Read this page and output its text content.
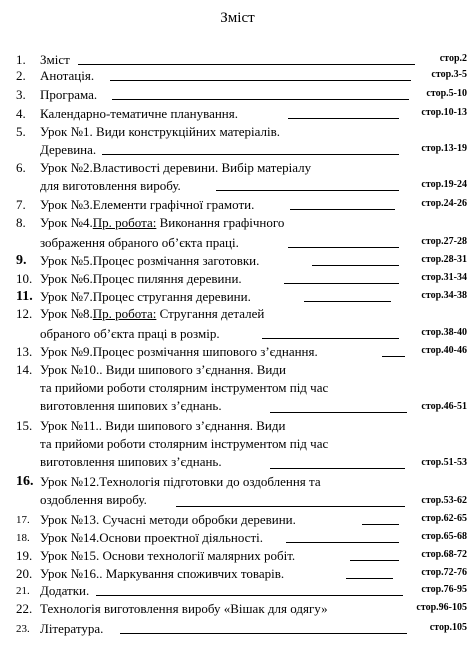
Зміст
1. Зміст	стор.2
2. Анотація.	стор.3-5
3. Програма.	стор.5-10
4. Календарно-тематичне планування.	стор.10-13
5. Урок №1. Види конструкційних матеріалів.
Деревина.	стор.13-19
6. Урок №2.Властивості деревини. Вибір матеріалу
для виготовлення виробу.	стор.19-24
7. Урок №3.Елементи графічної грамоти.	стор.24-26
8. Урок №4.Пр. робота: Виконання графічного
зображення обраного об’єкта праці.	стор.27-28
9. Урок №5.Процес розмічання заготовки.	стор.28-31
10. Урок №6.Процес пиляння деревини.	стор.31-34
11. Урок №7.Процес стругання деревини.	стор.34-38
12. Урок №8.Пр. робота: Стругання деталей
обраного об’єкта праці в розмір.	стор.38-40
13. Урок №9.Процес розмічання шипового з’єднання.	стор.40-46
14. Урок №10.. Види шипового з’єднання. Види
та прийоми роботи столярним інструментом під час
виготовлення шипових з’єднань.	стор.46-51
15. Урок №11.. Види шипового з’єднання. Види
та прийоми роботи столярним інструментом під час
виготовлення шипових з’єднань.	стор.51-53
16. Урок №12.Технологія підготовки до оздоблення та
оздоблення виробу.	стор.53-62
17. Урок №13. Сучасні методи обробки деревини.	стор.62-65
18. Урок №14.Основи проектної діяльності.	стор.65-68
19. Урок №15. Основи технології малярних робіт.	стор.68-72
20. Урок №16.. Маркування споживчих товарів.	стор.72-76
21. Додатки.	стор.76-95
22. Технологія виготовлення виробу «Вішак для одягу»	стор.96-105
23. Література.	стор.105
